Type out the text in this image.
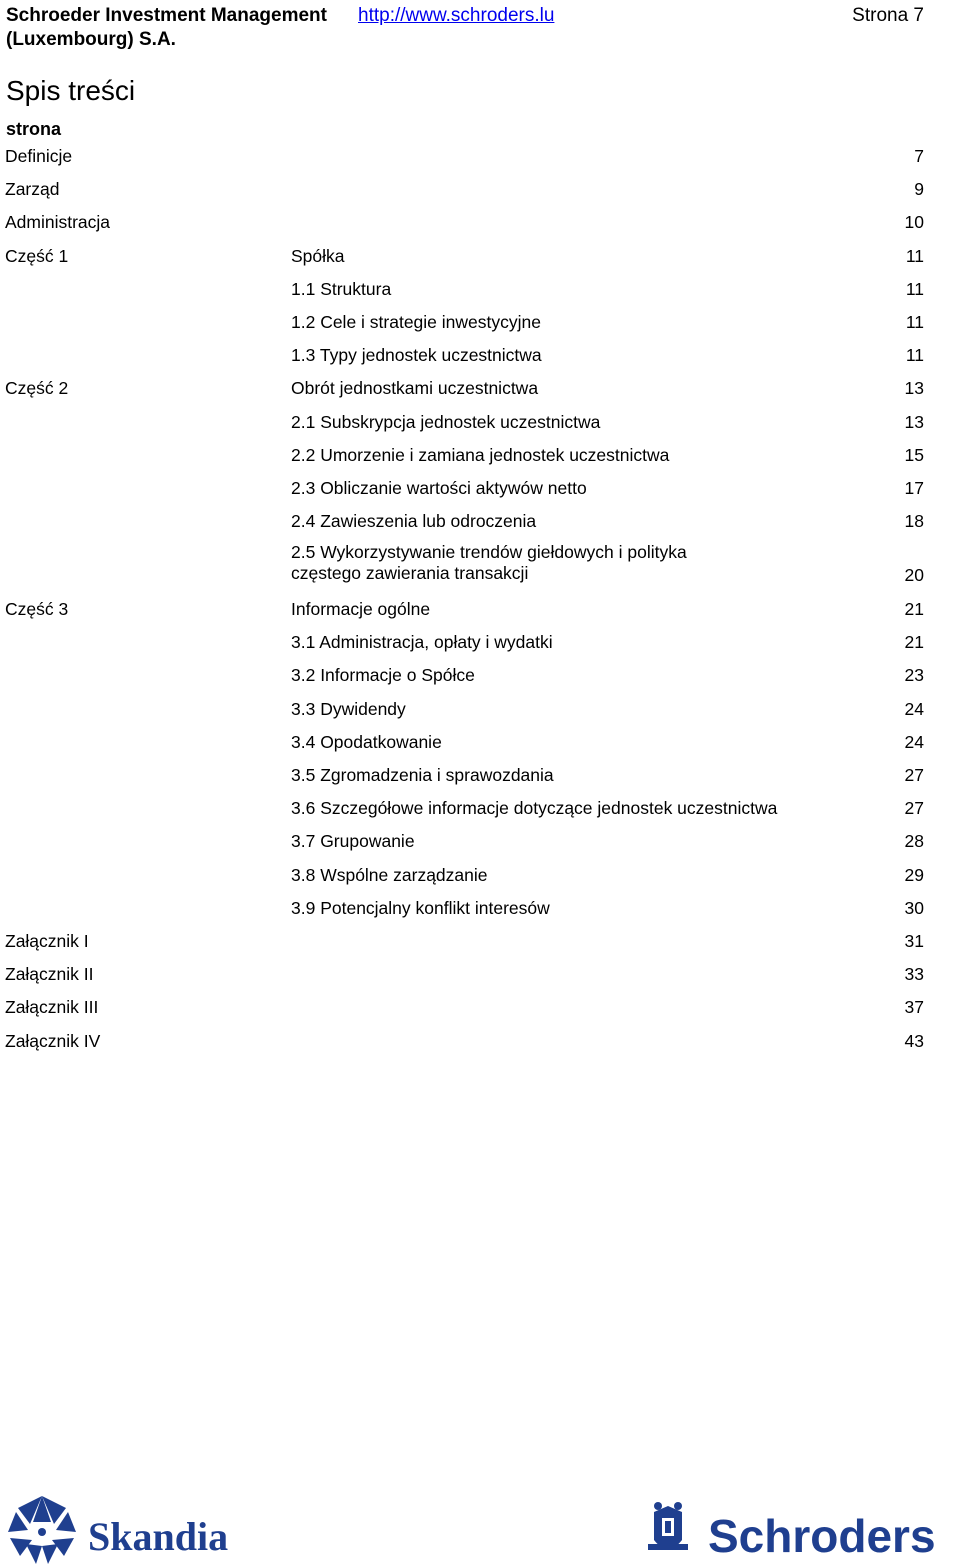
Schroeder Investment Management (Luxembourg) S.A.
http://www.schroders.lu	Strona 7
Spis treści
strona
Definicje	7
Zarząd	9
Administracja	10
Część 1	Spółka	11
1.1 Struktura	11
1.2 Cele i strategie inwestycyjne	11
1.3 Typy jednostek uczestnictwa	11
Część 2	Obrót jednostkami uczestnictwa	13
2.1 Subskrypcja jednostek uczestnictwa	13
2.2 Umorzenie i zamiana jednostek uczestnictwa	15
2.3 Obliczanie wartości aktywów netto	17
2.4 Zawieszenia lub odroczenia	18
2.5 Wykorzystywanie trendów giełdowych i polityka częstego zawierania transakcji	20
Część 3	Informacje ogólne	21
3.1 Administracja, opłaty i wydatki	21
3.2 Informacje o Spółce	23
3.3 Dywidendy	24
3.4 Opodatkowanie	24
3.5 Zgromadzenia i sprawozdania	27
3.6 Szczegółowe informacje dotyczące jednostek uczestnictwa	27
3.7 Grupowanie	28
3.8 Wspólne zarządzanie	29
3.9 Potencjalny konflikt interesów	30
Załącznik I	31
Załącznik II	33
Załącznik III	37
Załącznik IV	43
Skandia	Schroders
